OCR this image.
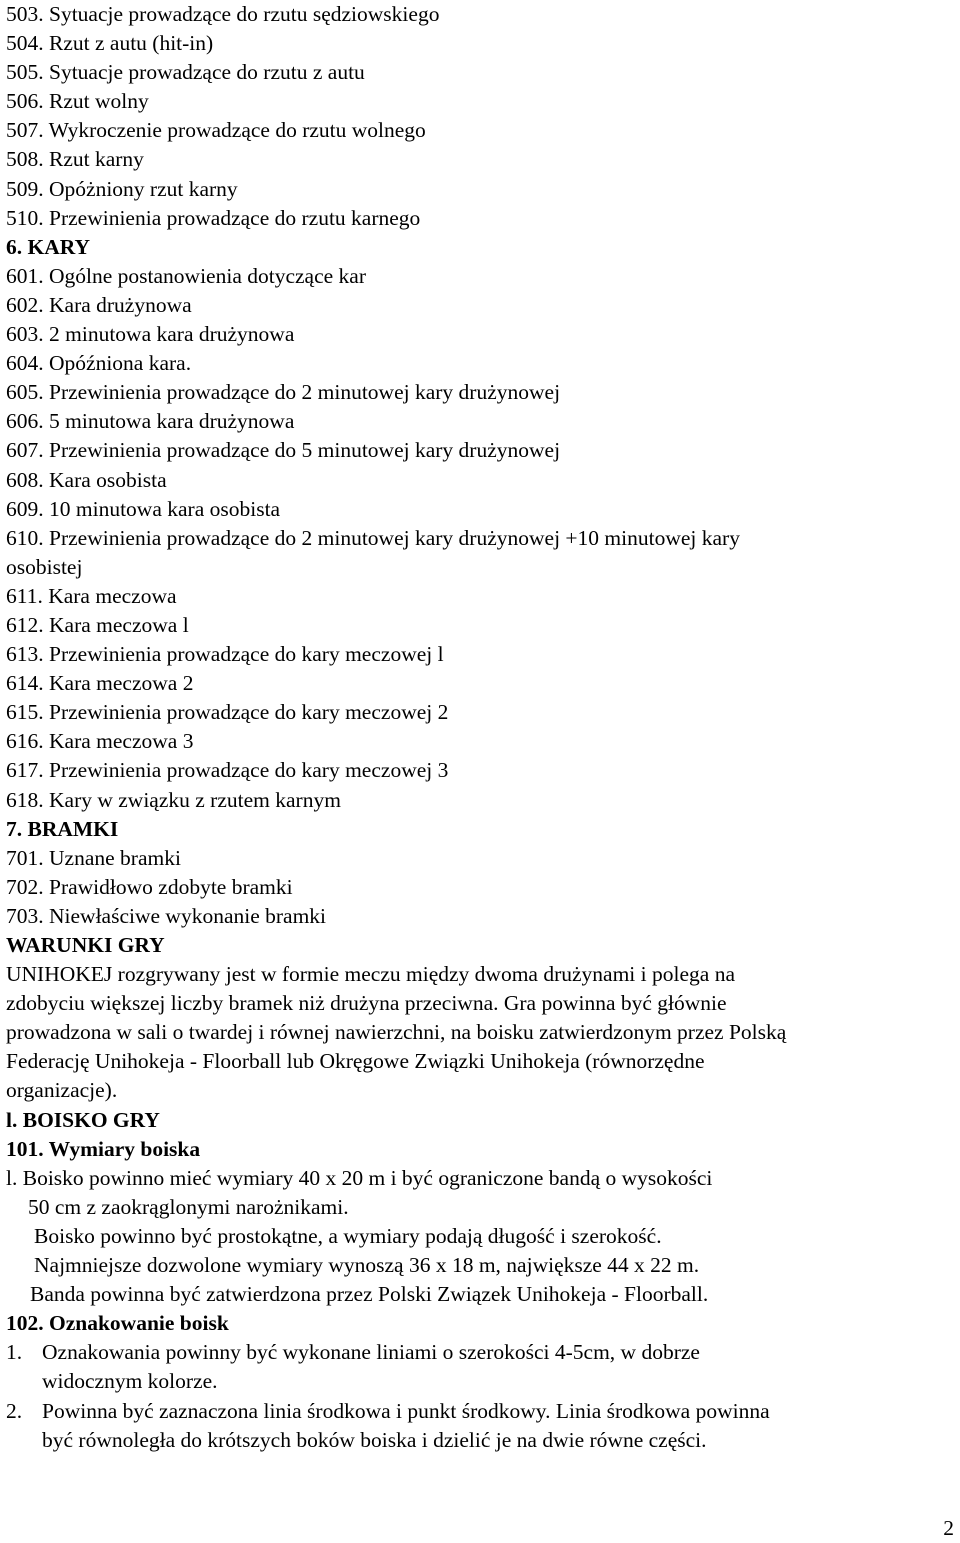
503. Sytuacje prowadzące do rzutu sędziowskiego
504. Rzut z autu (hit-in)
505. Sytuacje prowadzące do rzutu z autu
506. Rzut wolny
507. Wykroczenie prowadzące do rzutu wolnego
508. Rzut karny
509. Opóżniony rzut karny
510. Przewinienia prowadzące do rzutu karnego
6. KARY
601. Ogólne postanowienia dotyczące kar
602. Kara drużynowa
603. 2 minutowa kara drużynowa
604. Opóźniona kara.
605. Przewinienia prowadzące do 2 minutowej kary drużynowej
606. 5 minutowa kara drużynowa
607. Przewinienia prowadzące do 5 minutowej kary drużynowej
608. Kara osobista
609. 10 minutowa kara osobista
610. Przewinienia prowadzące do 2 minutowej kary drużynowej +10 minutowej kary
osobistej
611. Kara meczowa
612. Kara meczowa l
613. Przewinienia prowadzące do kary meczowej l
614. Kara meczowa 2
615. Przewinienia prowadzące do kary meczowej 2
616. Kara meczowa 3
617. Przewinienia prowadzące do kary meczowej 3
618. Kary w związku z rzutem karnym
7. BRAMKI
701. Uznane bramki
702. Prawidłowo zdobyte bramki
703. Niewłaściwe wykonanie bramki
WARUNKI GRY
UNIHOKEJ rozgrywany jest w formie meczu między dwoma drużynami i polega na
zdobyciu większej liczby bramek niż drużyna przeciwna. Gra powinna być głównie
prowadzona w sali o twardej i równej nawierzchni, na boisku zatwierdzonym przez Polską
Federację Unihokeja - Floorball lub Okręgowe Związki Unihokeja (równorzędne
organizacje).
l. BOISKO GRY
101. Wymiary boiska
l. Boisko powinno mieć wymiary 40 x 20 m i być ograniczone bandą o wysokości
50 cm z zaokrąglonymi narożnikami.
Boisko powinno być prostokątne, a wymiary podają długość i szerokość.
Najmniejsze dozwolone wymiary wynoszą 36 x 18 m, największe 44 x 22 m.
Banda powinna być zatwierdzona przez Polski Związek Unihokeja - Floorball.
102. Oznakowanie boisk
1. Oznakowania powinny być wykonane liniami o szerokości 4-5cm, w dobrze
widocznym kolorze.
2. Powinna być zaznaczona linia środkowa i punkt środkowy. Linia środkowa powinna
być równoległa do krótszych boków boiska i dzielić je na dwie równe części.
2
